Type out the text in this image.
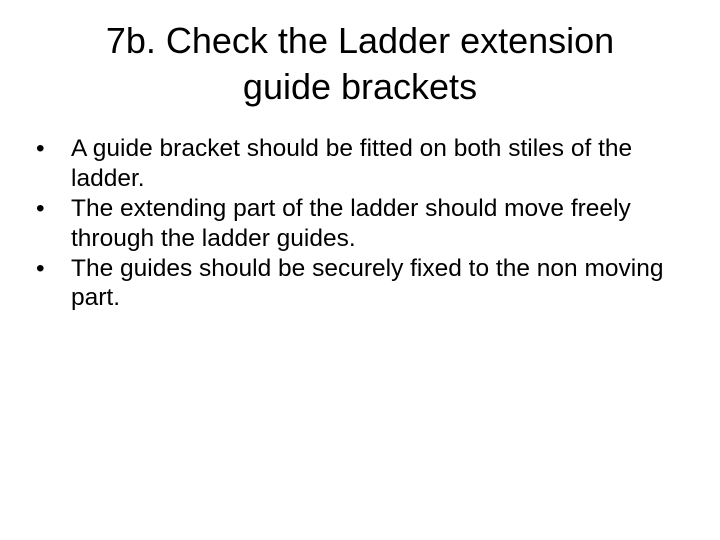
7b. Check the Ladder extension
guide brackets
•	A guide bracket should be fitted on both stiles of the ladder.
•	The extending part of the ladder should move freely through the ladder guides.
•	The guides should be securely fixed to the non moving part.
